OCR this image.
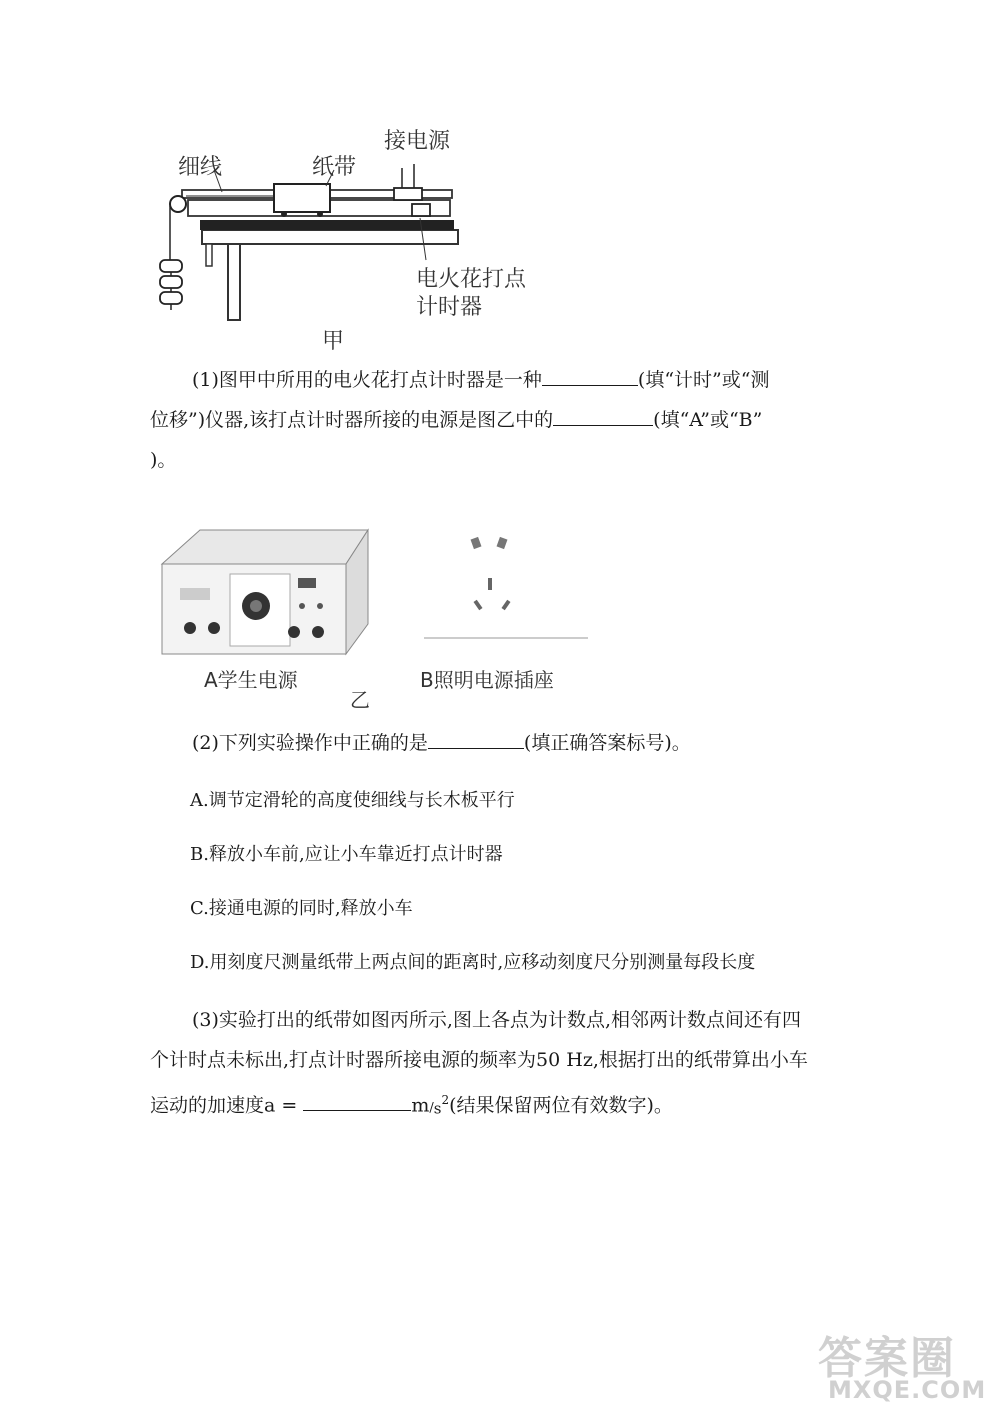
细线	纸带
接电源
电火花打点
计时器
甲
(1)图甲中所用的电火花打点计时器是一种	(填“计时”或“测
位移”)仪器,该打点计时器所接的电源是图乙中的	(填“A”或“B”
)。
A学生电源	B照明电源插座
乙
(2)下列实验操作中正确的是	(填正确答案标号)。
A.调节定滑轮的高度使细线与长木板平行
B.释放小车前,应让小车靠近打点计时器
C.接通电源的同时,释放小车
D.用刻度尺测量纸带上两点间的距离时,应移动刻度尺分别测量每段长度
(3)实验打出的纸带如图丙所示,图上各点为计数点,相邻两计数点间还有四
个计时点未标出,打点计时器所接电源的频率为50 Hz,根据打出的纸带算出小车
运动的加速度a =	$m/s^2$(结果保留两位有效数字)。
答案圈
MXQE.COM
